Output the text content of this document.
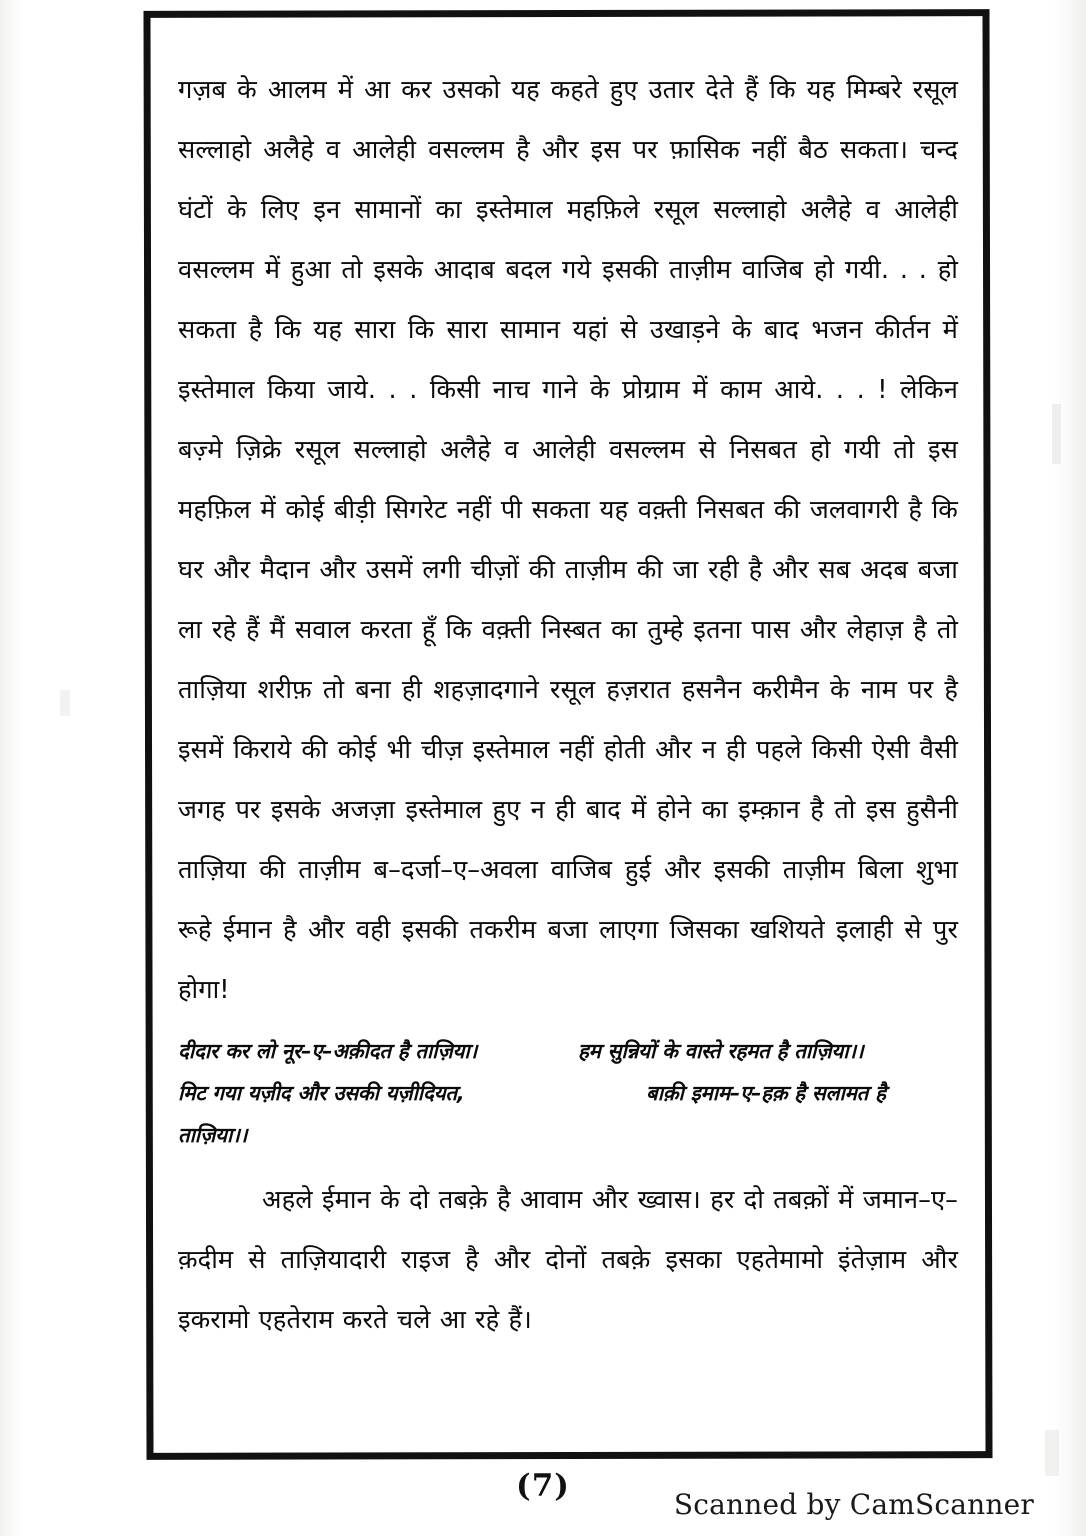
गज़ब के आलम में आ कर उसको यह कहते हुए उतार देते हैं कि यह मिम्बरे रसूल सल्लाहो अलैहे व आलेही वसल्लम है और इस पर फ़ासिक नहीं बैठ सकता। चन्द घंटों के लिए इन सामानों का इस्तेमाल महफ़िले रसूल सल्लाहो अलैहे व आलेही वसल्लम में हुआ तो इसके आदाब बदल गये इसकी ताज़ीम वाजिब हो गयी. . . हो सकता है कि यह सारा कि सारा सामान यहां से उखाड़ने के बाद भजन कीर्तन में इस्तेमाल किया जाये. . . किसी नाच गाने के प्रोग्राम में काम आये. . . ! लेकिन बज़्मे ज़िक्रे रसूल सल्लाहो अलैहे व आलेही वसल्लम से निसबत हो गयी तो इस महफ़िल में कोई बीड़ी सिगरेट नहीं पी सकता यह वक़्ती निसबत की जलवागरी है कि घर और मैदान और उसमें लगी चीज़ों की ताज़ीम की जा रही है और सब अदब बजा ला रहे हैं मैं सवाल करता हूँ कि वक़्ती निस्बत का तुम्हे इतना पास और लेहाज़ है तो ताज़िया शरीफ़ तो बना ही शहज़ादगाने रसूल हज़रात हसनैन करीमैन के नाम पर है इसमें किराये की कोई भी चीज़ इस्तेमाल नहीं होती और न ही पहले किसी ऐसी वैसी जगह पर इसके अजज़ा इस्तेमाल हुए न ही बाद में होने का इम्क़ान है तो इस हुसैनी ताज़िया की ताज़ीम ब–दर्जा–ए–अवला वाजिब हुई और इसकी ताज़ीम बिला शुभा रूहे ईमान है और वही इसकी तकरीम बजा लाएगा जिसका खशियते इलाही से पुर होगा!

दीदार कर लो नूर–ए–अक़ीदत है ताज़िया।	हम सुन्नियों के वास्ते रहमत है ताज़िया।।
मिट गया यज़ीद और उसकी यज़ीदियत,	बाक़ी इमाम–ए–हक़ है सलामत है
ताज़िया।।

अहले ईमान के दो तबक़े है आवाम और ख्वास। हर दो तबक़ों में जमान–ए–क़दीम से ताज़ियादारी राइज है और दोनों तबक़े इसका एहतेमामो इंतेज़ाम और इकरामो एहतेराम करते चले आ रहे हैं।

(7)
Scanned by CamScanner
